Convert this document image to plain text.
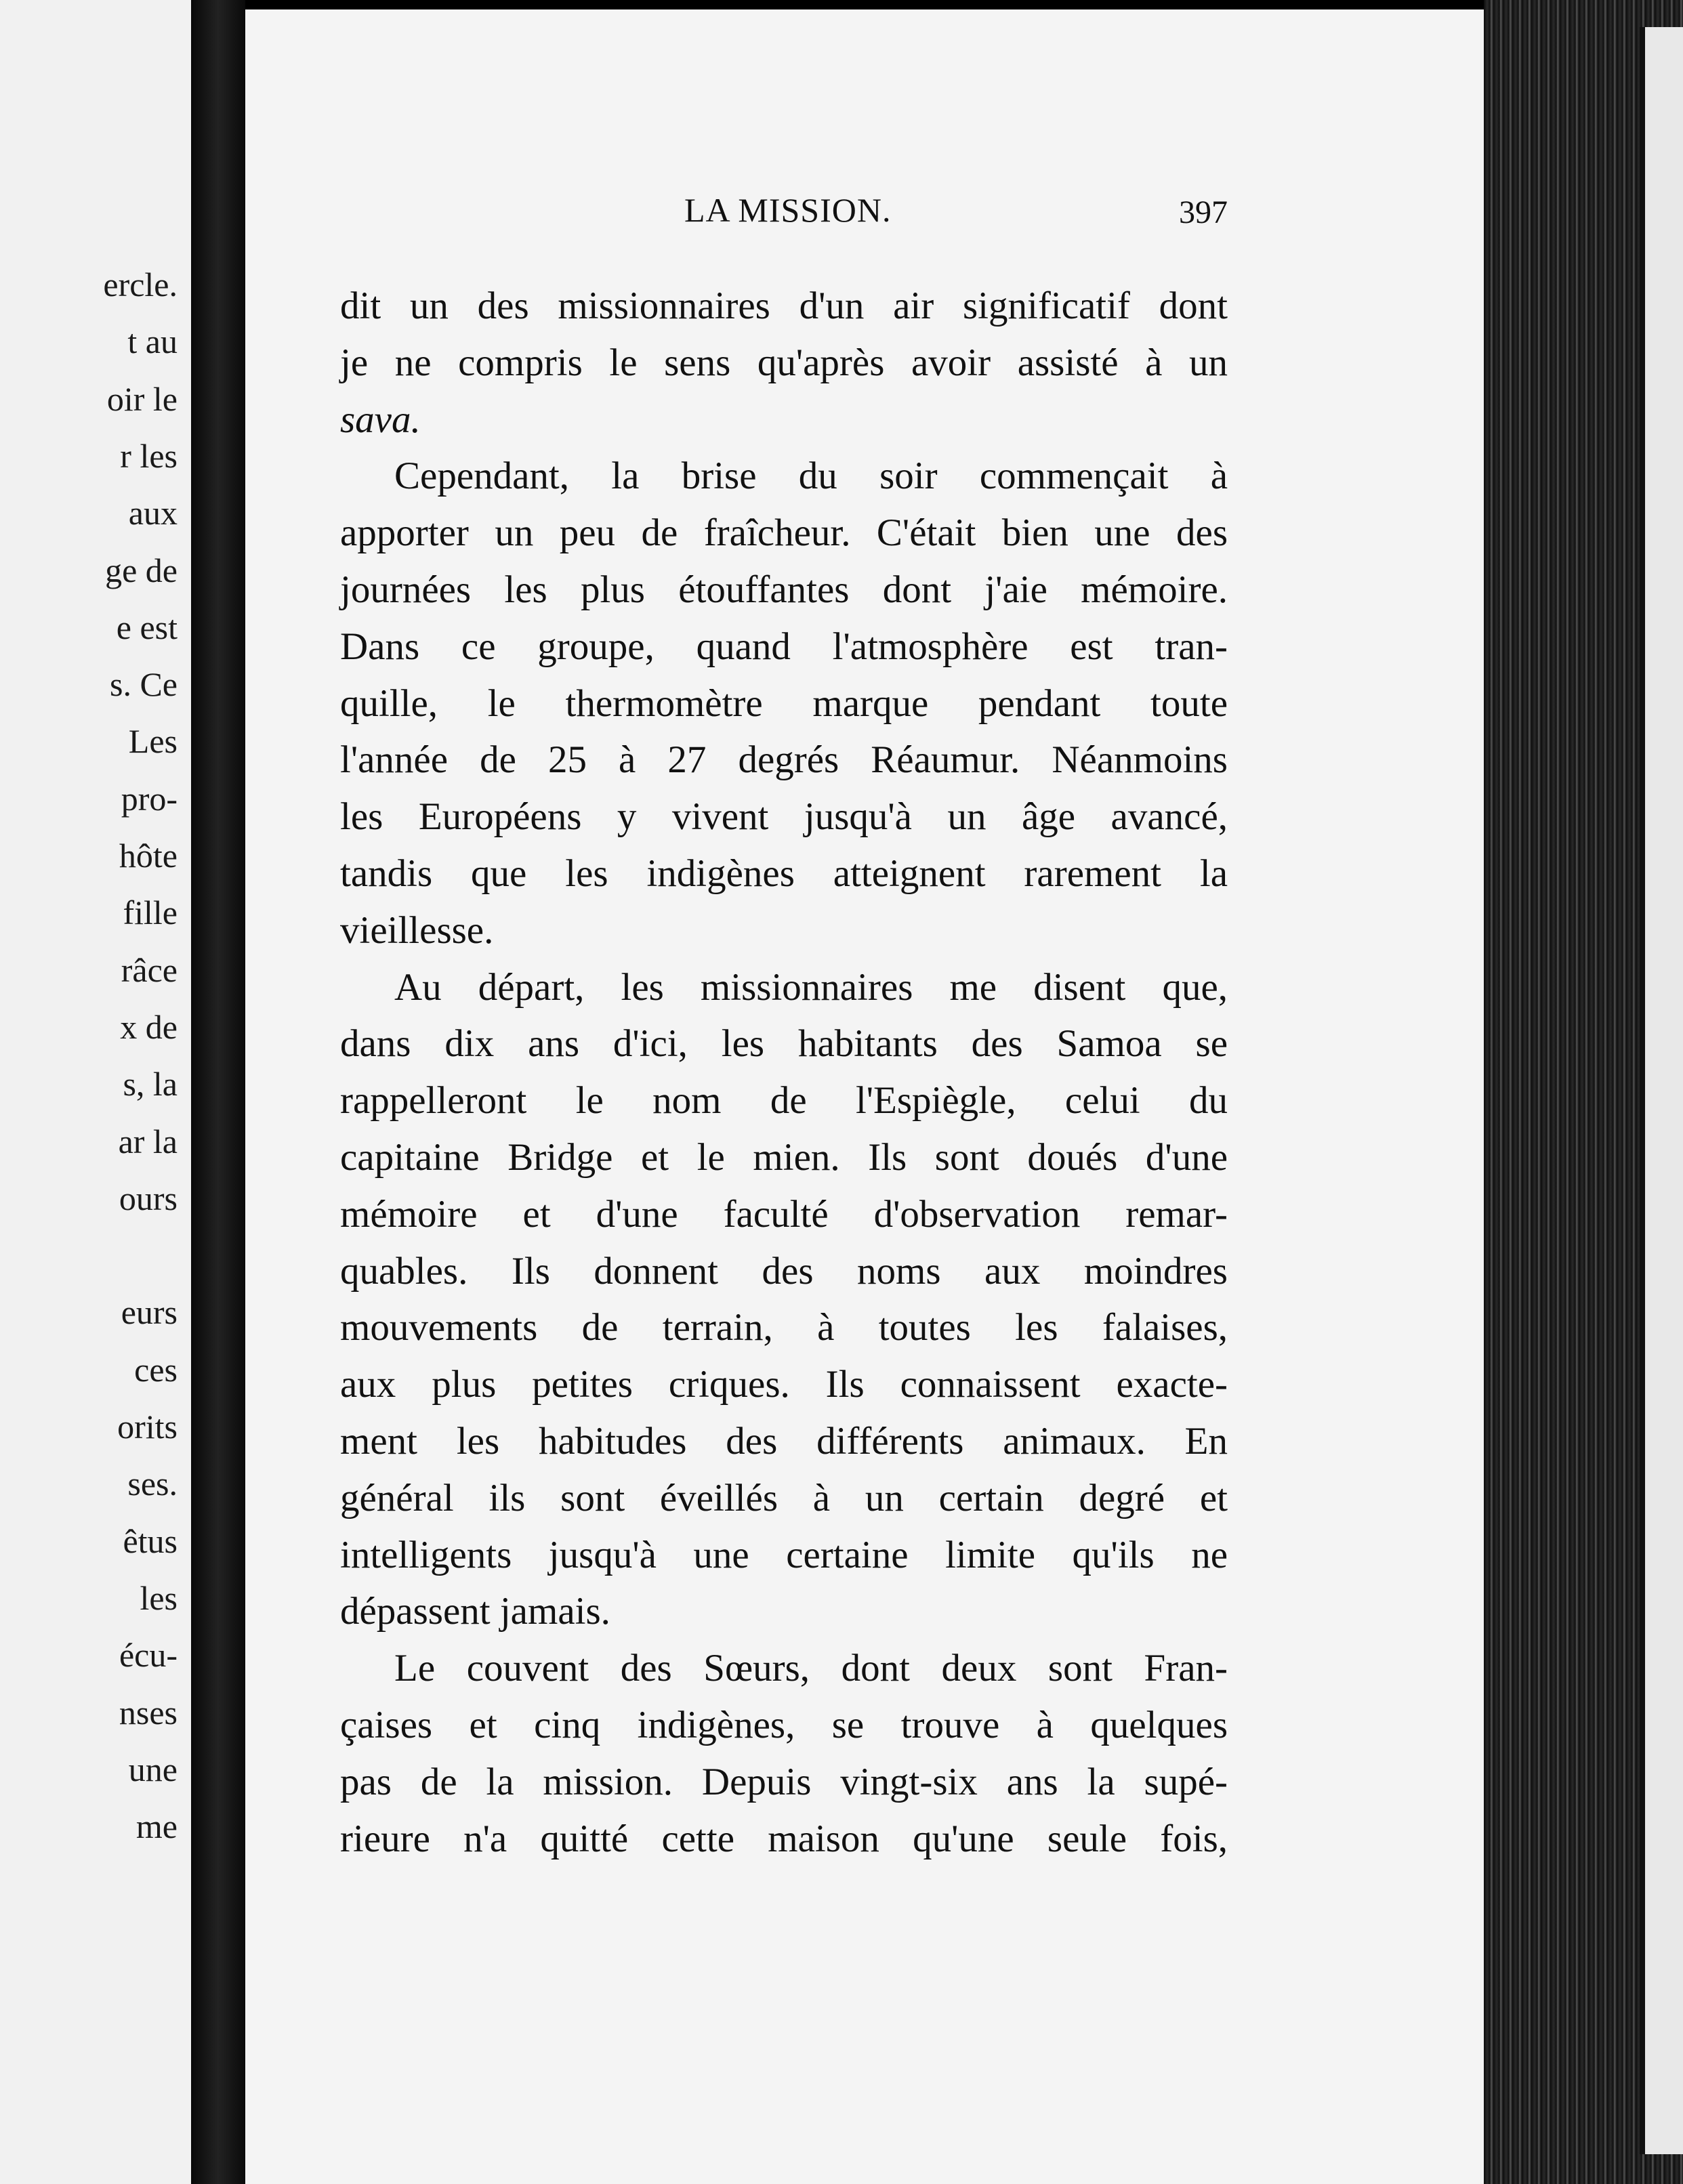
ercle.
t au
oir le
r les
aux
ge de
e est
s. Ce
Les
pro-
hôte
fille
râce
x de
s, la
ar la
ours
eurs
ces
orits
ses.
êtus
les
écu-
nses
une
me
LA MISSION.	397
dit un des missionnaires d'un air significatif dont
je ne compris le sens qu'après avoir assisté à un
sava.
Cependant, la brise du soir commençait à
apporter un peu de fraîcheur. C'était bien une des
journées les plus étouffantes dont j'aie mémoire.
Dans ce groupe, quand l'atmosphère est tran-
quille, le thermomètre marque pendant toute
l'année de 25 à 27 degrés Réaumur. Néanmoins
les Européens y vivent jusqu'à un âge avancé,
tandis que les indigènes atteignent rarement la
vieillesse.
Au départ, les missionnaires me disent que,
dans dix ans d'ici, les habitants des Samoa se
rappelleront le nom de l'Espiègle, celui du
capitaine Bridge et le mien. Ils sont doués d'une
mémoire et d'une faculté d'observation remar-
quables. Ils donnent des noms aux moindres
mouvements de terrain, à toutes les falaises,
aux plus petites criques. Ils connaissent exacte-
ment les habitudes des différents animaux. En
général ils sont éveillés à un certain degré et
intelligents jusqu'à une certaine limite qu'ils ne
dépassent jamais.
Le couvent des Sœurs, dont deux sont Fran-
çaises et cinq indigènes, se trouve à quelques
pas de la mission. Depuis vingt-six ans la supé-
rieure n'a quitté cette maison qu'une seule fois,
